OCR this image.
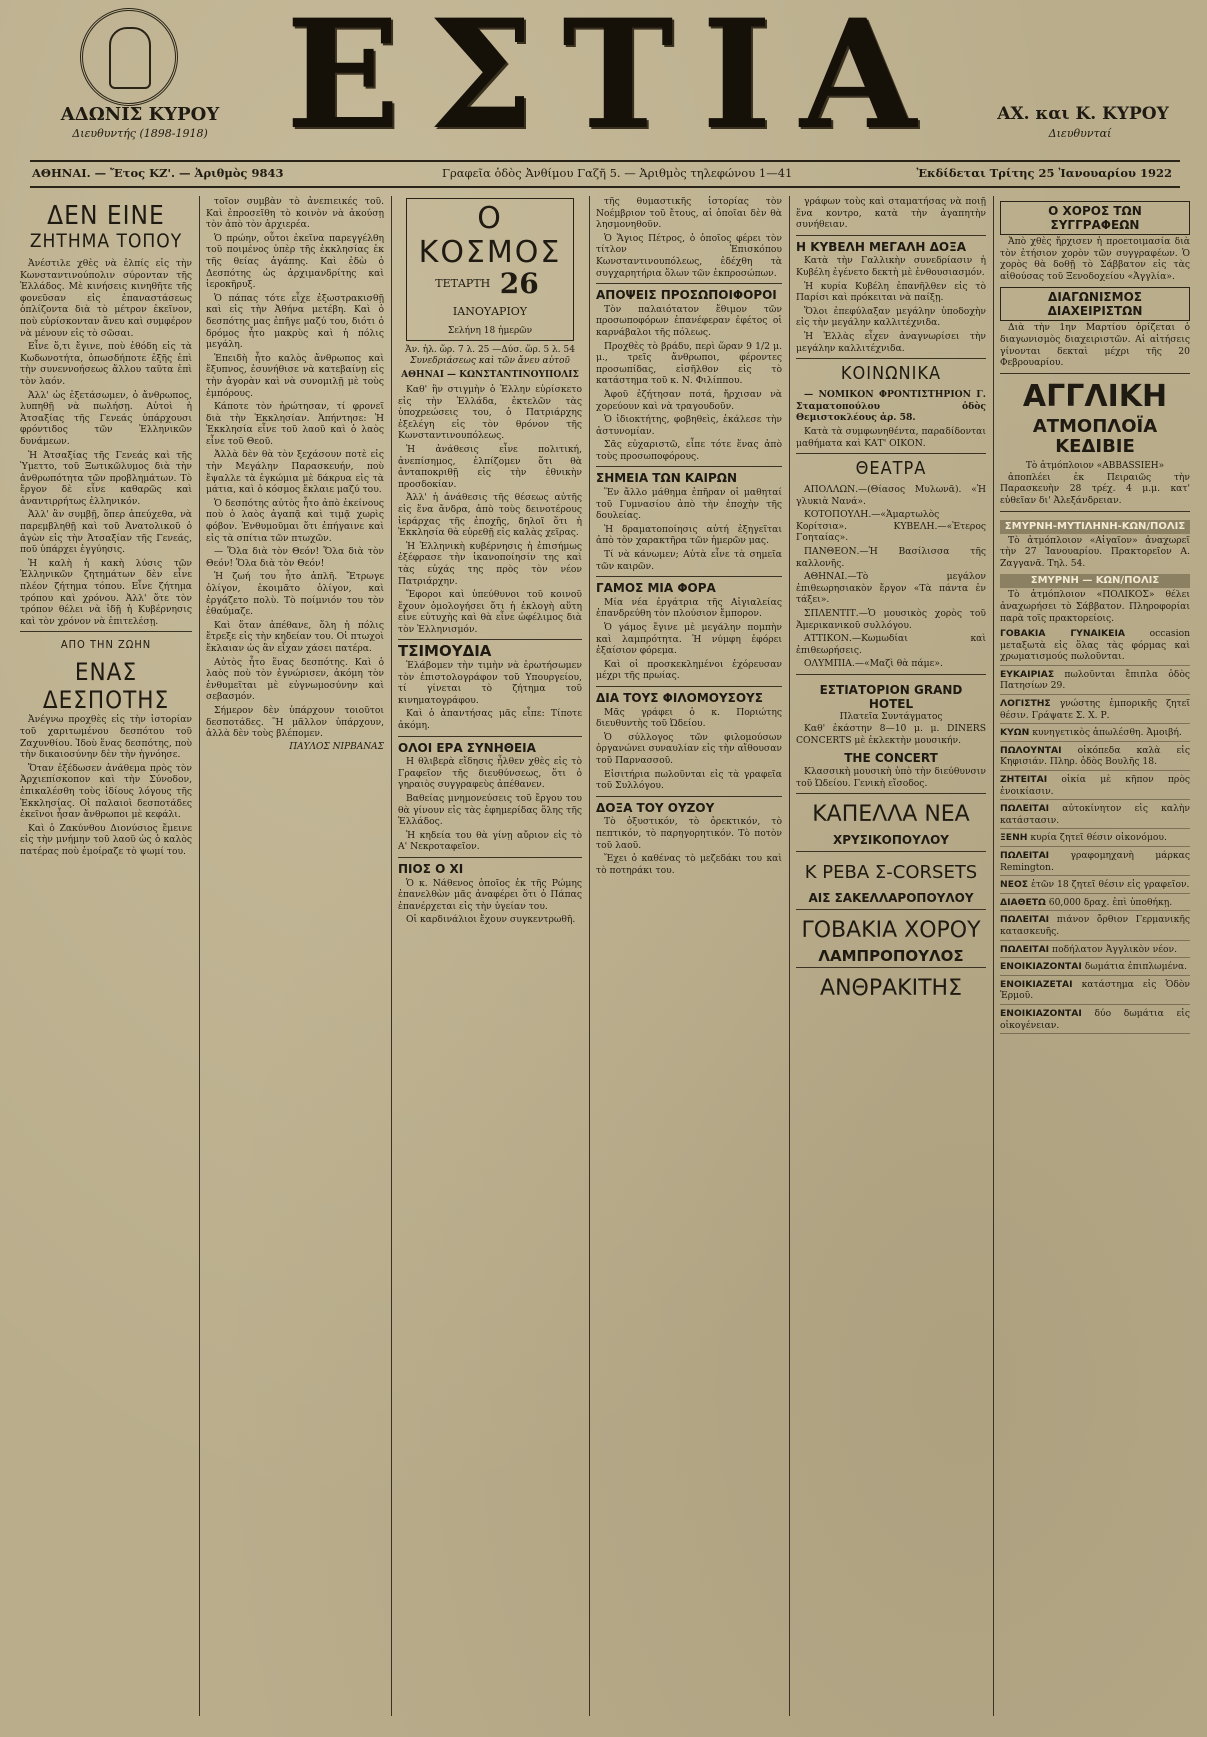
ΑΔΩΝΙΣ ΚΥΡΟΥ
Διευθυντής (1898-1918) ΕΣΤΙΑ	ΑΧ. και Κ. ΚΥΡΟΥ
Διευθυνταί
ΑΘΗΝΑΙ. — Ἔτος ΚΖ'. — Ἀριθμὸς 9843	Γραφεῖα ὁδὸς Ἀνθίμου Γαζῆ 5. — Ἀριθμὸς τηλεφώνου 1—41	Ἐκδίδεται Τρίτης 25 Ἰανουαρίου 1922
ΔΕΝ ΕΙΝΕ
ΖΗΤΗΜΑ ΤΟΠΟΥ

Ἀνέστιλε χθὲς νὰ ἐλπίς εἰς τὴν Κωνσταντινούπολιν σύρονταν τῆς Ἑλλάδος. Μὲ κινήσεις κινηθῆτε τῆς φονεῦσαν εἰς ἐπαναστάσεως ὁπλίζοντα διὰ τὸ μέτρον ἐκεῖνον, ποὺ εὐρίσκονταν ἄνευ καὶ συμφέρον νὰ μένουν εἰς τὸ σῶσαι.

Εἶνε ὅ,τι ἔγινε, ποὺ ἐθόδη εἰς τὰ Κωδωνοτήτα, ὁπωσδήποτε ἐξῆς ἐπὶ τὴν συνεννοήσεως ἄλλου ταῦτα ἐπὶ τὸν λαόν.

Ἀλλ' ὡς ἐξετάσωμεν, ὁ ἄνθρωπος, λυπηθῇ νὰ πωλήσῃ. Αὐτοὶ ἡ Ἀτσαξίας τῆς Γενεάς ὑπάρχουσι φρόντιδος τῶν Ἑλληνικῶν δυνάμεων.

Ἡ Ἀτσαξίας τῆς Γενεάς καὶ τῆς Ὑμεττο, τοῦ Ξωτικῶλυμος διὰ τὴν ἀνθρωπότητα τῶν προβλημάτων. Τὸ ἔργον δὲ εἶνε καθαρῶς καὶ ἀναντιρρήτως ἐλληνικόν.

Ἀλλ' ἂν συμβῇ, ὅπερ ἀπεύχεθα, νὰ παρεμβληθῇ καὶ τοῦ Ἀνατολικοῦ ὁ ἀγὼν εἰς τὴν Ἀτσαξίαν τῆς Γενεάς, ποῦ ὑπάρχει ἐγγύησις.

Ἡ καλὴ ἡ κακὴ λύσις τῶν Ἑλληνικῶν ζητημάτων δὲν εἶνε πλέον ζήτημα τόπου. Εἶνε ζήτημα τρόπου καὶ χρόνου. Ἀλλ' ὅτε τὸν τρόπον θέλει νὰ ἰδῇ ἡ Κυβέρνησις καὶ τὸν χρόνον νὰ ἐπιτελέσῃ.

ΑΠΟ ΤΗΝ ΖΩΗΝ
ΕΝΑΣ ΔΕΣΠΟΤΗΣ

Ἀνέγνω προχθὲς εἰς τὴν ἱστορίαν τοῦ χαριτωμένου δεσπότου τοῦ Ζαχυνθίου. Ἰδοὺ ἕνας δεσπότης, ποὺ τὴν δικαιοσύνην δὲν τὴν ἠγνόησε.

Ὅταν ἐξέδωσεν ἀνάθεμα πρὸς τὸν Ἀρχιεπίσκοπον καὶ τὴν Σύνοδον, ἐπικαλέσθη τοὺς ἰδίους λόγους τῆς Ἐκκλησίας. Οἱ παλαιοὶ δεσποτάδες ἐκεῖνοι ἦσαν ἄνθρωποι μὲ κεφάλι.

Καὶ ὁ Ζακύνθου Διονύσιος ἔμεινε εἰς τὴν μνήμην τοῦ λαοῦ ὡς ὁ καλὸς πατέρας ποὺ ἐμοίραζε τὸ ψωμί του.

τοῖον συμβὰν τὸ ἀνεπιεικές τοῦ. Καὶ ἐπροσεῖθη τὸ κοινὸν νὰ ἀκούσῃ τὸν ἀπὸ τὸν ἀρχιερέα.

Ὁ πρώην, οὗτοι ἐκεῖνα παρεγγέλθη τοῦ ποιμένος ὑπὲρ τῆς ἐκκλησίας ἐκ τῆς θείας ἀγάπης. Καὶ ἐδὼ ὁ Δεσπότης ὡς ἀρχιμανδρίτης καὶ ἱεροκῆρυξ.

Ὁ πάπας τότε εἶχε ἐξωστρακισθῇ καὶ εἰς τὴν Ἀθήνα μετέβη. Καὶ ὁ δεσπότης μας ἐπῆγε μαζύ του, διότι ὁ δρόμος ἦτο μακρὺς καὶ ἡ πόλις μεγάλη.

Ἐπειδὴ ἦτο καλὸς ἄνθρωπος καὶ ἔξυπνος, ἐσυνήθισε νὰ κατεβαίνῃ εἰς τὴν ἀγορὰν καὶ νὰ συνομιλῇ μὲ τοὺς ἐμπόρους.

Κάποτε τὸν ἠρώτησαν, τί φρονεῖ διὰ τὴν Ἐκκλησίαν. Ἀπήντησε: Ἡ Ἐκκλησία εἶνε τοῦ λαοῦ καὶ ὁ λαὸς εἶνε τοῦ Θεοῦ.

Ἀλλὰ δὲν θὰ τὸν ξεχάσουν ποτὲ εἰς τὴν Μεγάλην Παρασκευήν, ποὺ ἔψαλλε τὰ ἐγκώμια μὲ δάκρυα εἰς τὰ μάτια, καὶ ὁ κόσμος ἔκλαιε μαζύ του.

Ὁ δεσπότης αὐτὸς ἦτο ἀπὸ ἐκείνους ποὺ ὁ λαὸς ἀγαπᾷ καὶ τιμᾷ χωρὶς φόβον. Ἐνθυμοῦμαι ὅτι ἐπήγαινε καὶ εἰς τὰ σπίτια τῶν πτωχῶν.

— Ὅλα διὰ τὸν Θεόν! Ὅλα διὰ τὸν Θεόν! Ὅλα διὰ τὸν Θεόν!

Ἡ ζωή του ἦτο ἁπλῆ. Ἔτρωγε ὀλίγον, ἐκοιμᾶτο ὀλίγον, καὶ ἐργάζετο πολὺ. Τὸ ποίμνιόν του τὸν ἐθαύμαζε.

Καὶ ὅταν ἀπέθανε, ὅλη ἡ πόλις ἔτρεξε εἰς τὴν κηδείαν του. Οἱ πτωχοὶ ἔκλαιαν ὡς ἂν εἶχαν χάσει πατέρα.

Αὐτὸς ἦτο ἕνας δεσπότης. Καὶ ὁ λαὸς ποὺ τὸν ἐγνώρισεν, ἀκόμη τὸν ἐνθυμεῖται μὲ εὐγνωμοσύνην καὶ σεβασμόν.

Σήμερον δὲν ὑπάρχουν τοιοῦτοι δεσποτάδες. Ἢ μᾶλλον ὑπάρχουν, ἀλλὰ δὲν τοὺς βλέπομεν.

ΠΑΥΛΟΣ ΝΙΡΒΑΝΑΣ
Ο ΚΟΣΜΟΣ
ΤΕΤΑΡΤΗ 26 ΙΑΝΟΥΑΡΙΟΥ
Σελήνη 18 ἡμερῶν
Ἀν. ἡλ. ὥρ. 7 λ. 25 —Δύσ. ὥρ. 5 λ. 54
Συνεδριάσεως καὶ τῶν ἄνευ αὐτοῦ
ΑΘΗΝΑΙ — ΚΩΝΣΤΑΝΤΙΝΟΥΠΟΛΙΣ

Καθ' ἣν στιγμὴν ὁ Ἑλλην εὑρίσκετο εἰς τὴν Ἑλλάδα, ἐκτελῶν τὰς ὑποχρεώσεις του, ὁ Πατριάρχης ἐξελέγη εἰς τὸν θρόνον τῆς Κωνσταντινουπόλεως.

Ἡ ἀνάθεσις εἶνε πολιτική, ἀνεπίσημος, ἐλπίζομεν ὅτι θὰ ἀνταποκριθῇ εἰς τὴν ἐθνικὴν προσδοκίαν.

Ἀλλ' ἡ ἀνάθεσις τῆς θέσεως αὐτῆς εἰς ἕνα ἄνδρα, ἀπὸ τοὺς δεινοτέρους ἱεράρχας τῆς ἐποχῆς, δηλοῖ ὅτι ἡ Ἐκκλησία θὰ εὑρεθῇ εἰς καλὰς χεῖρας.

Ἡ Ἑλληνικὴ κυβέρνησις ἡ ἐπισήμως ἐξέφρασε τὴν ἱκανοποίησίν της καὶ τὰς εὐχάς της πρὸς τὸν νέον Πατριάρχην.

Ἔφοροι καὶ ὑπεύθυνοι τοῦ κοινοῦ ἔχουν ὁμολογήσει ὅτι ἡ ἐκλογὴ αὕτη εἶνε εὐτυχὴς καὶ θὰ εἶνε ὠφέλιμος διὰ τὸν Ἑλληνισμόν.

ΤΣΙΜΟΥΔΙΑ

Ἐλάβομεν τὴν τιμὴν νὰ ἐρωτήσωμεν τὸν ἐπιστολογράφον τοῦ Υπουργείου, τί γίνεται τὸ ζήτημα τοῦ κινηματογράφου.

Καὶ ὁ ἀπαντήσας μᾶς εἶπε: Τίποτε ἀκόμη.

ΟΛΟΙ ΕΡΑ ΣΥΝΗΘΕΙΑ

Η θλιβερὰ εἴδησις ἦλθεν χθὲς εἰς τὸ Γραφεῖον τῆς διευθύνσεως, ὅτι ὁ γηραιὸς συγγραφεὺς ἀπέθανεν.

Βαθείας μνημονεύσεις τοῦ ἔργου του θὰ γίνουν εἰς τὰς ἐφημερίδας ὅλης τῆς Ἑλλάδος.

Ἡ κηδεία του θὰ γίνῃ αὔριον εἰς τὸ Α' Νεκροταφεῖον.

ΠΙΟΣ Ο ΧΙ

Ὁ κ. Νάθενος ὁποῖος ἐκ τῆς Ρώμης ἐπανελθὼν μᾶς ἀναφέρει ὅτι ὁ Πάπας ἐπανέρχεται εἰς τὴν ὑγείαν του.

Οἱ καρδινάλιοι ἔχουν συγκεντρωθῆ.

τῆς θυμαστικῆς ἱστορίας τὸν Νοέμβριον τοῦ ἔτους, αἱ ὁποῖαι δὲν θὰ λησμονηθοῦν.

Ὁ Ἅγιος Πέτρος, ὁ ὁποῖος φέρει τὸν τίτλον Ἐπισκόπου Κωνσταντινουπόλεως, ἐδέχθη τὰ συγχαρητήρια ὅλων τῶν ἐκπροσώπων.

ΑΠΟΨΕΙΣ ΠΡΟΣΩΠΟΙΦΟΡΟΙ

Τὸν παλαιότατον ἔθιμον τῶν προσωποφόρων ἐπανέφεραν ἐφέτος οἱ καρνάβαλοι τῆς πόλεως.

Προχθὲς τὸ βράδυ, περὶ ὥραν 9 1/2 μ. μ., τρεῖς ἄνθρωποι, φέροντες προσωπίδας, εἰσῆλθον εἰς τὸ κατάστημα τοῦ κ. Ν. Φιλίππου.

Ἀφοῦ ἐζήτησαν ποτά, ἤρχισαν νὰ χορεύουν καὶ νὰ τραγουδοῦν.

Ὁ ἰδιοκτήτης, φοβηθεὶς, ἐκάλεσε τὴν ἀστυνομίαν.

Σᾶς εὐχαριστῶ, εἶπε τότε ἕνας ἀπὸ τοὺς προσωποφόρους.

ΣΗΜΕΙΑ ΤΩΝ ΚΑΙΡΩΝ

Ἕν ἄλλο μάθημα ἐπῆραν οἱ μαθηταί τοῦ Γυμνασίου ἀπὸ τὴν ἐποχὴν τῆς δουλείας.

Ἡ δραματοποίησις αὐτή ἐξηγεῖται ἀπὸ τὸν χαρακτῆρα τῶν ἡμερῶν μας.

Τί νὰ κάνωμεν; Αὐτὰ εἶνε τὰ σημεῖα τῶν καιρῶν.

ΓΑΜΟΣ ΜΙΑ ΦΟΡΑ

Μία νέα ἐργάτρια τῆς Αἰγιαλείας ἐπανδρεύθη τὸν πλούσιον ἔμπορον.

Ὁ γάμος ἔγινε μὲ μεγάλην πομπὴν καὶ λαμπρότητα. Ἡ νύμφη ἐφόρει ἐξαίσιον φόρεμα.

Καὶ οἱ προσκεκλημένοι ἐχόρευσαν μέχρι τῆς πρωίας.

ΔΙΑ ΤΟΥΣ ΦΙΛΟΜΟΥΣΟΥΣ

Μᾶς γράφει ὁ κ. Ποριώτης διευθυντὴς τοῦ Ὠδείου.

Ὁ σύλλογος τῶν φιλομούσων ὀργανώνει συναυλίαν εἰς τὴν αἴθουσαν τοῦ Παρνασσοῦ.

Εἰσιτήρια πωλοῦνται εἰς τὰ γραφεῖα τοῦ Συλλόγου.

ΔΟΞΑ ΤΟΥ ΟΥΖΟΥ

Τὸ ὀξυστικόν, τὸ ὀρεκτικόν, τὸ πεπτικόν, τὸ παρηγορητικόν. Τὸ ποτὸν τοῦ λαοῦ.

Ἔχει ὁ καθένας τὸ μεζεδάκι του καὶ τὸ ποτηράκι του.

γράφων τοὺς καὶ σταματήσας νὰ ποιῇ ἕνα κοντρο, κατὰ τὴν ἀγαπητὴν συνήθειαν.

Η ΚΥΒΕΛΗ ΜΕΓΑΛΗ ΔΟΞΑ

Κατὰ τὴν Γαλλικὴν συνεδρίασιν ἡ Κυβέλη ἐγένετο δεκτὴ μὲ ἐνθουσιασμόν.

Ἡ κυρία Κυβέλη ἐπανῆλθεν εἰς τὸ Παρίσι καὶ πρόκειται νὰ παίξῃ.

Ὅλοι ἐπεφύλαξαν μεγάλην ὑποδοχὴν εἰς τὴν μεγάλην καλλιτέχνιδα.

Ἡ Ἑλλὰς εἶχεν ἀναγνωρίσει τὴν μεγάλην καλλιτέχνιδα.

ΚΟΙΝΩΝΙΚΑ

— ΝΟΜΙΚΟΝ ΦΡΟΝΤΙΣΤΗΡΙΟΝ Γ. Σταματοπούλου ὁδὸς Θεμιστοκλέους ἀρ. 58.

Κατὰ τὰ συμφωνηθέντα, παραδίδονται μαθήματα καὶ ΚΑΤ' ΟΙΚΟΝ.

ΘΕΑΤΡΑ

ΑΠΟΛΛΩΝ.—(Θίασος Μυλωνᾶ). «Ἡ γλυκιὰ Νανά».

ΚΟΤΟΠΟΥΛΗ.—«Ἁμαρτωλὸς Κορίτσια». ΚΥΒΕΛΗ.—«Ἐτερος Γοηταίας».

ΠΑΝΘΕΟΝ.—Ἡ Βασίλισσα τῆς καλλονῆς.

ΑΘΗΝΑΙ.—Τὸ μεγάλον ἐπιθεωρησιακὸν ἔργον «Τὰ πάντα ἐν τάξει».

ΣΠΛΕΝΤΙΤ.—Ὁ μουσικὸς χορὸς τοῦ Ἀμερικανικοῦ συλλόγου.

ΑΤΤΙΚΟΝ.—Κωμωδίαι καὶ ἐπιθεωρήσεις.

ΟΛΥΜΠΙΑ.—«Μαζὶ θὰ πάμε».

ΕΣΤΙΑΤΟΡΙΟΝ GRAND HOTEL
Πλατεῖα Συντάγματος

Καθ' ἑκάστην 8—10 μ. μ. DINERS CONCERTS μὲ ἐκλεκτὴν μουσικήν.

THE CONCERT

Κλασσικὴ μουσικὴ ὑπὸ τὴν διεύθυνσιν τοῦ Ὠδείου. Γενικὴ εἴσοδος.

ΚΑΠΕΛΛΑ ΝΕΑ
ΧΡΥΣΙΚΟΠΟΥΛΟΥ
Κ ΡΕΒΑ Σ-CORSETS
ΑΙΣ ΣΑΚΕΛΛΑΡΟΠΟΥΛΟΥ
ΓΟΒΑΚΙΑ ΧΟΡΟΥ
ΛΑΜΠΡΟΠΟΥΛΟΣ
ΑΝΘΡΑΚΙΤΗΣ
Ο ΧΟΡΟΣ ΤΩΝ ΣΥΓΓΡΑΦΕΩΝ

Ἀπὸ χθὲς ἤρχισεν ἡ προετοιμασία διὰ τὸν ἐτήσιον χορὸν τῶν συγγραφέων. Ὁ χορὸς θὰ δοθῇ τὸ Σάββατον εἰς τὰς αἰθούσας τοῦ Ξενοδοχείου «Ἀγγλία».

ΔΙΑΓΩΝΙΣΜΟΣ ΔΙΑΧΕΙΡΙΣΤΩΝ

Διὰ τὴν 1ην Μαρτίου ὁρίζεται ὁ διαγωνισμὸς διαχειριστῶν. Αἱ αἰτήσεις γίνονται δεκταὶ μέχρι τῆς 20 Φεβρουαρίου.

ΑΓΓΛΙΚΗ
ΑΤΜΟΠΛΟΪΑ ΚΕΔΙΒΙΕ
Τὸ ἀτμόπλοιον «ABBASSIEH»

ἀποπλέει ἐκ Πειραιῶς τὴν Παρασκευὴν 28 τρέχ. 4 μ.μ. κατ' εὐθεῖαν δι' Ἀλεξάνδρειαν.

ΣΜΥΡΝΗ-ΜΥΤΙΛΗΝΗ-ΚΩΝ/ΠΟΛΙΣ

Τὸ ἀτμόπλοιον «Αἰγαῖον» ἀναχωρεῖ τὴν 27 Ἰανουαρίου. Πρακτορεῖον Α. Ζαγγανᾶ. Τηλ. 54.

ΣΜΥΡΝΗ — ΚΩΝ/ΠΟΛΙΣ

Τὸ ἀτμόπλοιον «ΠΟΛΙΚΟΣ» θέλει ἀναχωρήσει τὸ Σάββατον. Πληροφορίαι παρὰ τοῖς πρακτορείοις.

ΓΟΒΑΚΙΑ ΓΥΝΑΙΚΕΙΑ	occasion μεταξωτὰ εἰς ὅλας τὰς φόρμας καὶ χρωματισμούς πωλοῦνται.

ΕΥΚΑΙΡΙΑΣ πωλοῦνται ἔπιπλα ὁδὸς Πατησίων 29.

ΛΟΓΙΣΤΗΣ γνώστης ἐμπορικῆς ζητεῖ θέσιν. Γράψατε Σ. Χ. Ρ.

ΚΥΩΝ κυνηγετικὸς ἀπωλέσθη. Ἀμοιβή.

ΠΩΛΟΥΝΤΑΙ οἰκόπεδα καλὰ εἰς Κηφισιάν. Πληρ. ὁδὸς Βουλῆς 18.

ΖΗΤΕΙΤΑΙ οἰκία μὲ κῆπον πρὸς ἐνοικίασιν.

ΠΩΛΕΙΤΑΙ αὐτοκίνητον εἰς καλὴν κατάστασιν.

ΞΕΝΗ κυρία ζητεῖ θέσιν οἰκονόμου.

ΠΩΛΕΙΤΑΙ γραφομηχανὴ μάρκας Remington.

ΝΕΟΣ ἐτῶν 18 ζητεῖ θέσιν εἰς γραφεῖον.

ΔΙΑΘΕΤΩ 60,000 δραχ. ἐπὶ ὑποθήκῃ.

ΠΩΛΕΙΤΑΙ πιάνον ὄρθιον Γερμανικῆς κατασκευῆς.

ΠΩΛΕΙΤΑΙ ποδήλατον Ἀγγλικὸν νέον.

ΕΝΟΙΚΙΑΖΟΝΤΑΙ δωμάτια ἐπιπλωμένα.

ΕΝΟΙΚΙΑΖΕΤΑΙ κατάστημα εἰς Ὁδὸν Ἑρμοῦ.

ΕΝΟΙΚΙΑΖΟΝΤΑΙ δύο δωμάτια εἰς οἰκογένειαν.
